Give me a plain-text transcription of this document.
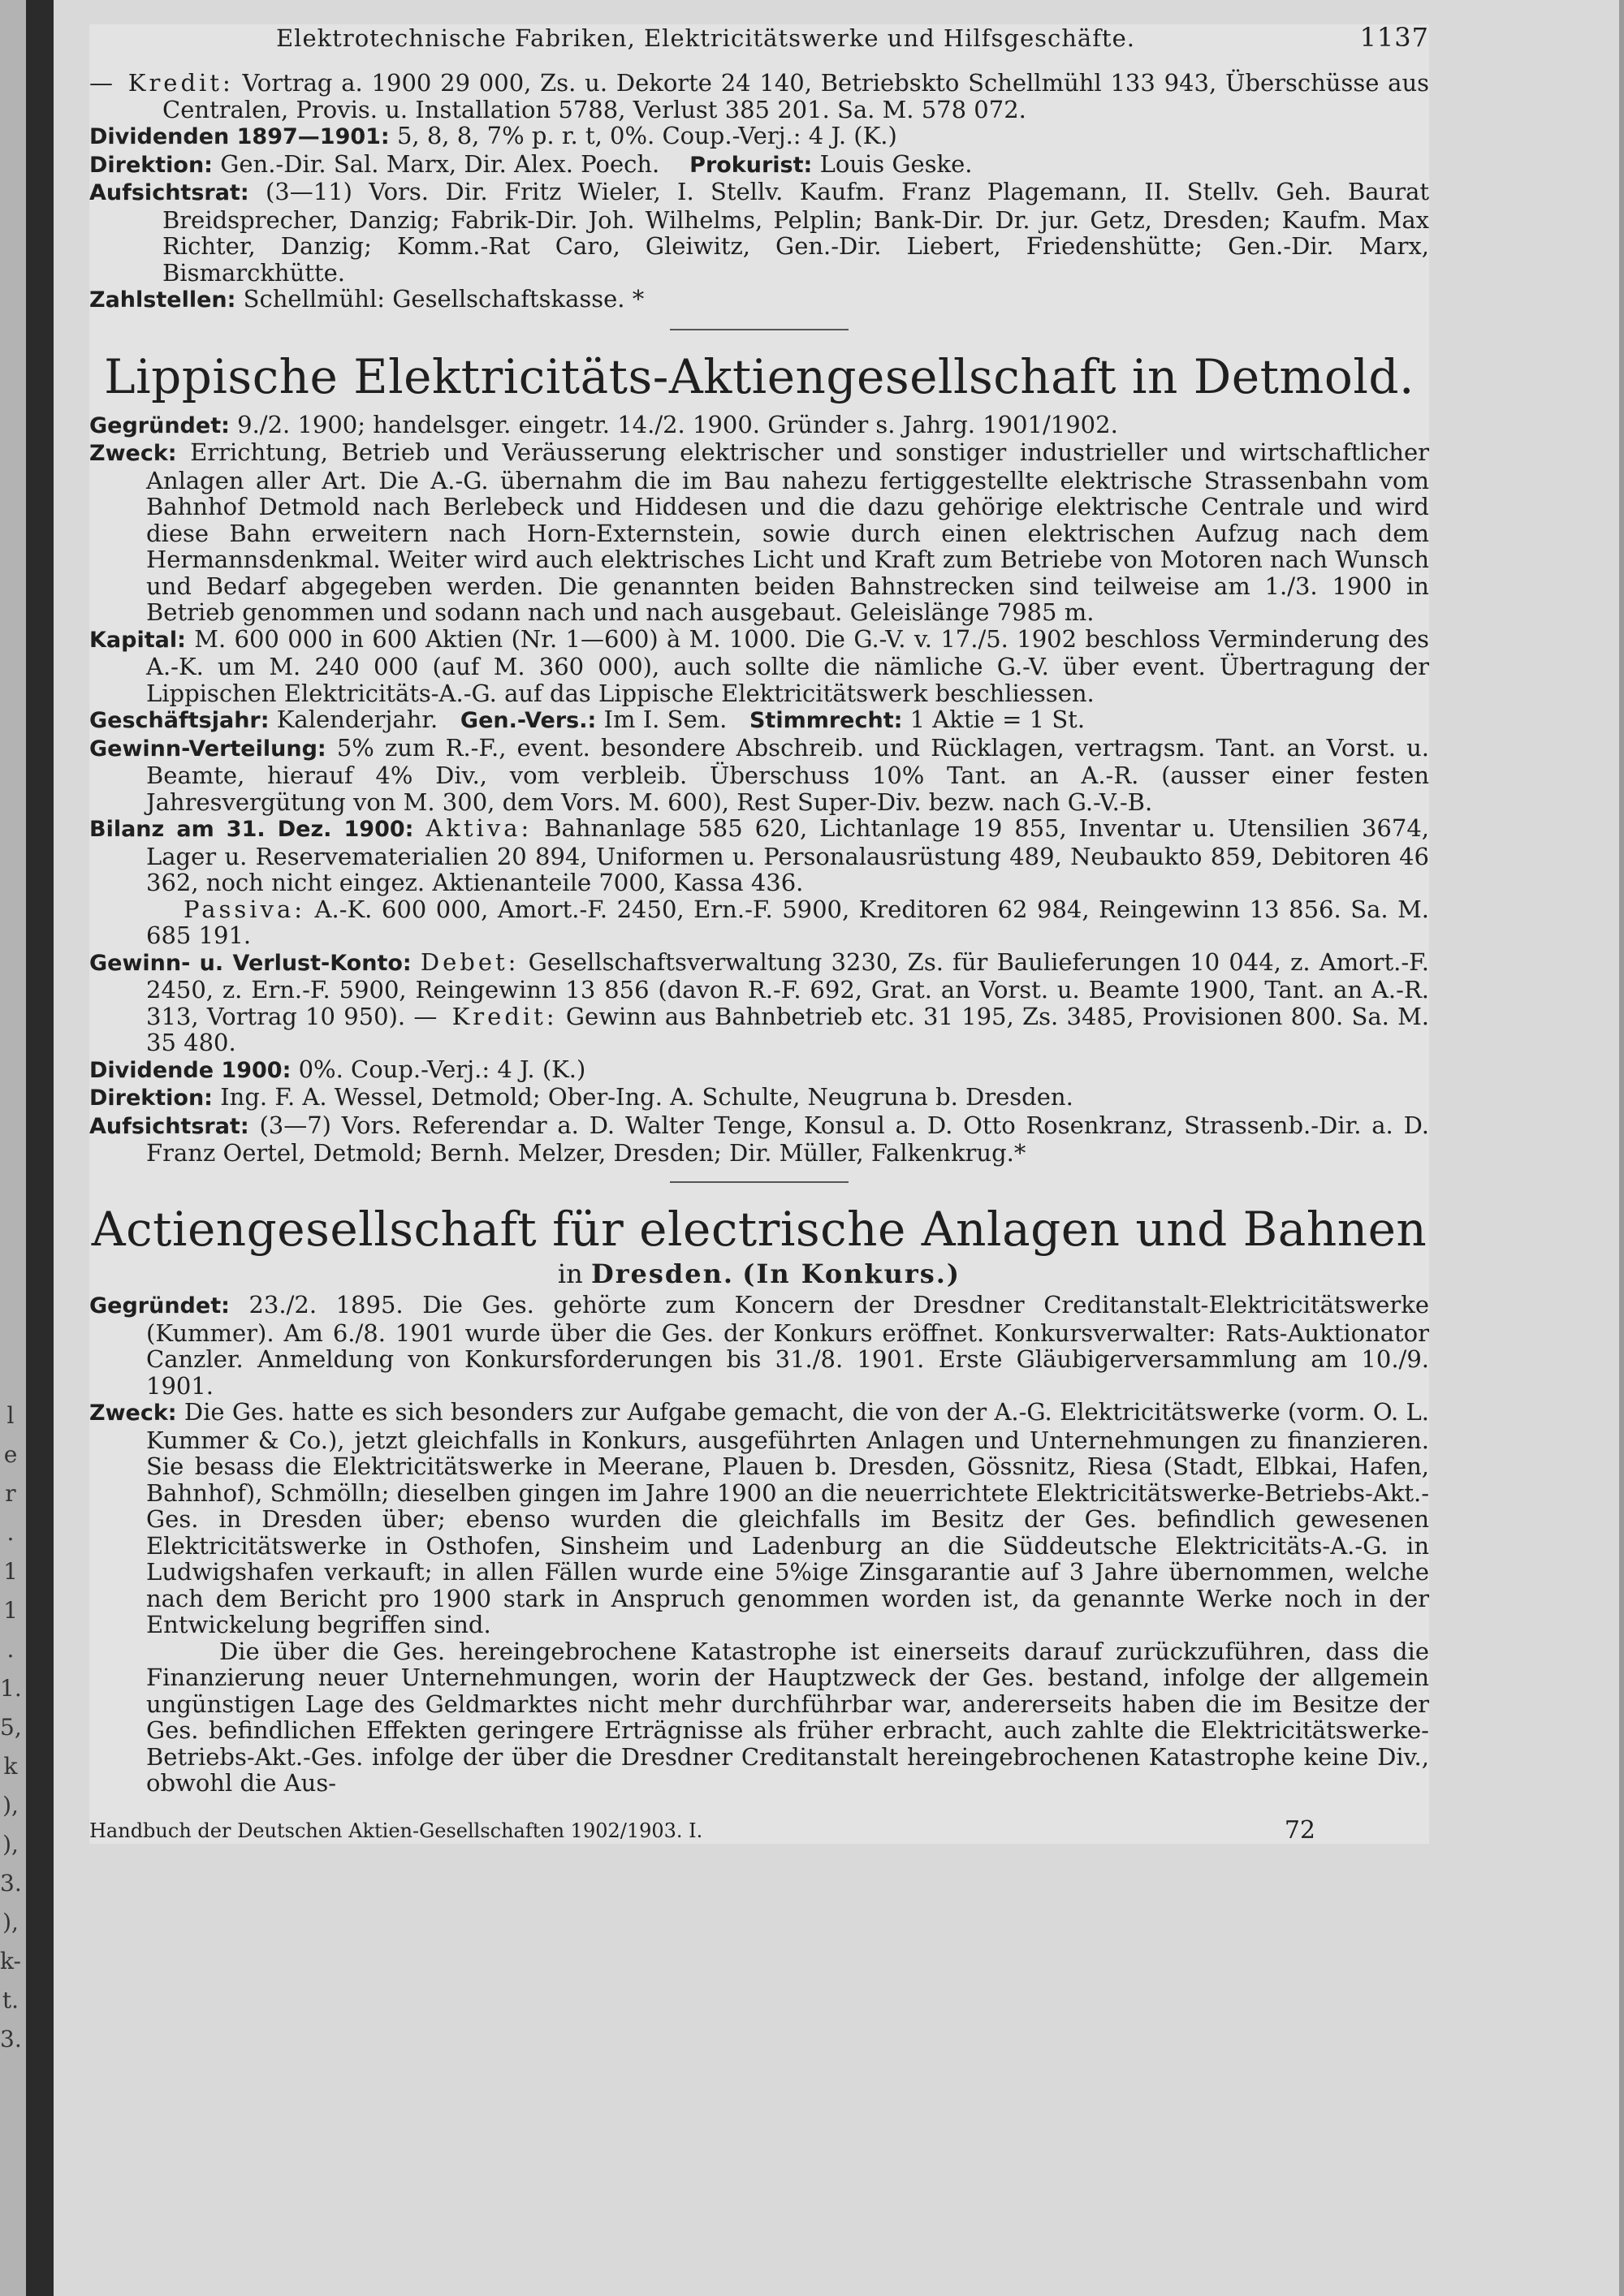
l
e
r
.
1
1
.
1.
5,
k
),
),
3.
),
k-
t.
3.
Elektrotechnische Fabriken, Elektricitätswerke und Hilfsgeschäfte.	1137

— Kredit: Vortrag a. 1900 29 000, Zs. u. Dekorte 24 140, Betriebskto Schellmühl 133 943, Überschüsse aus Centralen, Provis. u. Installation 5788, Verlust 385 201. Sa. M. 578 072.

Dividenden 1897—1901: 5, 8, 8, 7% p. r. t, 0%. Coup.-Verj.: 4 J. (K.)

Direktion: Gen.-Dir. Sal. Marx, Dir. Alex. Poech. Prokurist: Louis Geske.

Aufsichtsrat: (3—11) Vors. Dir. Fritz Wieler, I. Stellv. Kaufm. Franz Plagemann, II. Stellv. Geh. Baurat Breidsprecher, Danzig; Fabrik-Dir. Joh. Wilhelms, Pelplin; Bank-Dir. Dr. jur. Getz, Dresden; Kaufm. Max Richter, Danzig; Komm.-Rat Caro, Gleiwitz, Gen.-Dir. Liebert, Friedenshütte; Gen.-Dir. Marx, Bismarckhütte.

Zahlstellen: Schellmühl: Gesellschaftskasse. *

Lippische Elektricitäts-Aktiengesellschaft in Detmold.

Gegründet: 9./2. 1900; handelsger. eingetr. 14./2. 1900. Gründer s. Jahrg. 1901/1902.

Zweck: Errichtung, Betrieb und Veräusserung elektrischer und sonstiger industrieller und wirtschaftlicher Anlagen aller Art. Die A.-G. übernahm die im Bau nahezu fertiggestellte elektrische Strassenbahn vom Bahnhof Detmold nach Berlebeck und Hiddesen und die dazu gehörige elektrische Centrale und wird diese Bahn erweitern nach Horn-Externstein, sowie durch einen elektrischen Aufzug nach dem Hermannsdenkmal. Weiter wird auch elektrisches Licht und Kraft zum Betriebe von Motoren nach Wunsch und Bedarf abgegeben werden. Die genannten beiden Bahnstrecken sind teilweise am 1./3. 1900 in Betrieb genommen und sodann nach und nach ausgebaut. Geleislänge 7985 m.

Kapital: M. 600 000 in 600 Aktien (Nr. 1—600) à M. 1000. Die G.-V. v. 17./5. 1902 beschloss Verminderung des A.-K. um M. 240 000 (auf M. 360 000), auch sollte die nämliche G.-V. über event. Übertragung der Lippischen Elektricitäts-A.-G. auf das Lippische Elektricitätswerk beschliessen.

Geschäftsjahr: Kalenderjahr. Gen.-Vers.: Im I. Sem. Stimmrecht: 1 Aktie = 1 St.

Gewinn-Verteilung: 5% zum R.-F., event. besondere Abschreib. und Rücklagen, vertragsm. Tant. an Vorst. u. Beamte, hierauf 4% Div., vom verbleib. Überschuss 10% Tant. an A.-R. (ausser einer festen Jahresvergütung von M. 300, dem Vors. M. 600), Rest Super-Div. bezw. nach G.-V.-B.

Bilanz am 31. Dez. 1900: Aktiva: Bahnanlage 585 620, Lichtanlage 19 855, Inventar u. Utensilien 3674, Lager u. Reservematerialien 20 894, Uniformen u. Personalausrüstung 489, Neubaukto 859, Debitoren 46 362, noch nicht eingez. Aktienanteile 7000, Kassa 436.
Passiva: A.-K. 600 000, Amort.-F. 2450, Ern.-F. 5900, Kreditoren 62 984, Reingewinn 13 856. Sa. M. 685 191.

Gewinn- u. Verlust-Konto: Debet: Gesellschaftsverwaltung 3230, Zs. für Baulieferungen 10 044, z. Amort.-F. 2450, z. Ern.-F. 5900, Reingewinn 13 856 (davon R.-F. 692, Grat. an Vorst. u. Beamte 1900, Tant. an A.-R. 313, Vortrag 10 950). — Kredit: Gewinn aus Bahnbetrieb etc. 31 195, Zs. 3485, Provisionen 800. Sa. M. 35 480.

Dividende 1900: 0%. Coup.-Verj.: 4 J. (K.)

Direktion: Ing. F. A. Wessel, Detmold; Ober-Ing. A. Schulte, Neugruna b. Dresden.

Aufsichtsrat: (3—7) Vors. Referendar a. D. Walter Tenge, Konsul a. D. Otto Rosenkranz, Strassenb.-Dir. a. D. Franz Oertel, Detmold; Bernh. Melzer, Dresden; Dir. Müller, Falkenkrug.*

Actiengesellschaft für electrische Anlagen und Bahnen
in Dresden. (In Konkurs.)

Gegründet: 23./2. 1895. Die Ges. gehörte zum Koncern der Dresdner Creditanstalt-Elektricitätswerke (Kummer). Am 6./8. 1901 wurde über die Ges. der Konkurs eröffnet. Konkursverwalter: Rats-Auktionator Canzler. Anmeldung von Konkursforderungen bis 31./8. 1901. Erste Gläubigerversammlung am 10./9. 1901.

Zweck: Die Ges. hatte es sich besonders zur Aufgabe gemacht, die von der A.-G. Elektricitätswerke (vorm. O. L. Kummer & Co.), jetzt gleichfalls in Konkurs, ausgeführten Anlagen und Unternehmungen zu finanzieren. Sie besass die Elektricitätswerke in Meerane, Plauen b. Dresden, Gössnitz, Riesa (Stadt, Elbkai, Hafen, Bahnhof), Schmölln; dieselben gingen im Jahre 1900 an die neuerrichtete Elektricitätswerke-Betriebs-Akt.-Ges. in Dresden über; ebenso wurden die gleichfalls im Besitz der Ges. befindlich gewesenen Elektricitätswerke in Osthofen, Sinsheim und Ladenburg an die Süddeutsche Elektricitäts-A.-G. in Ludwigshafen verkauft; in allen Fällen wurde eine 5%ige Zinsgarantie auf 3 Jahre übernommen, welche nach dem Bericht pro 1900 stark in Anspruch genommen worden ist, da genannte Werke noch in der Entwickelung begriffen sind.

Die über die Ges. hereingebrochene Katastrophe ist einerseits darauf zurückzuführen, dass die Finanzierung neuer Unternehmungen, worin der Hauptzweck der Ges. bestand, infolge der allgemein ungünstigen Lage des Geldmarktes nicht mehr durchführbar war, andererseits haben die im Besitze der Ges. befindlichen Effekten geringere Erträgnisse als früher erbracht, auch zahlte die Elektricitätswerke-Betriebs-Akt.-Ges. infolge der über die Dresdner Creditanstalt hereingebrochenen Katastrophe keine Div., obwohl die Aus-

Handbuch der Deutschen Aktien-Gesellschaften 1902/1903. I.	72
